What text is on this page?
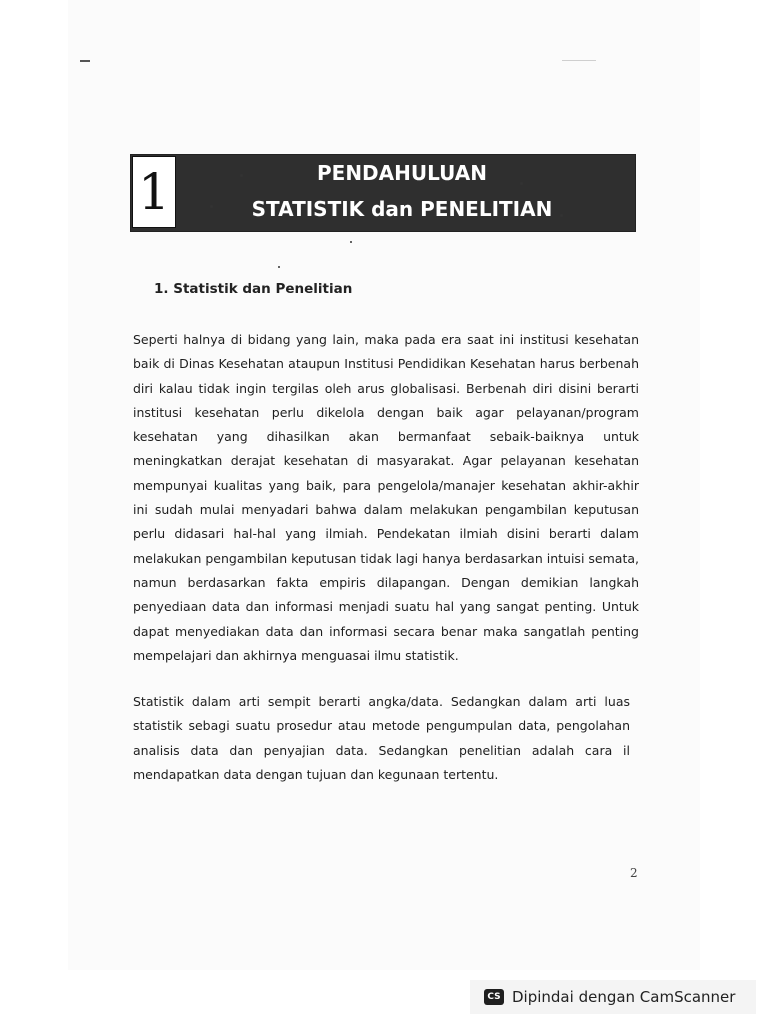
1	PENDAHULUAN
STATISTIK dan PENELITIAN
1. Statistik dan Penelitian
Seperti halnya di bidang yang lain, maka pada era saat ini institusi kesehatan baik di Dinas Kesehatan ataupun Institusi Pendidikan Kesehatan harus berbenah diri kalau tidak ingin tergilas oleh arus globalisasi. Berbenah diri disini berarti institusi kesehatan perlu dikelola dengan baik agar pelayanan/program kesehatan yang dihasilkan akan bermanfaat sebaik-baiknya untuk meningkatkan derajat kesehatan di masyarakat. Agar pelayanan kesehatan mempunyai kualitas yang baik, para pengelola/manajer kesehatan akhir-akhir ini sudah mulai menyadari bahwa dalam melakukan pengambilan keputusan perlu didasari hal-hal yang ilmiah. Pendekatan ilmiah disini berarti dalam melakukan pengambilan keputusan tidak lagi hanya berdasarkan intuisi semata, namun berdasarkan fakta empiris dilapangan. Dengan demikian langkah penyediaan data dan informasi menjadi suatu hal yang sangat penting. Untuk dapat menyediakan data dan informasi secara benar maka sangatlah penting mempelajari dan akhirnya menguasai ilmu statistik.
Statistik dalam arti sempit berarti angka/data. Sedangkan dalam arti luas statistik sebagi suatu prosedur atau metode pengumpulan data, pengolahan analisis data dan penyajian data. Sedangkan penelitian adalah cara il mendapatkan data dengan tujuan dan kegunaan tertentu.
2
CS Dipindai dengan CamScanner
